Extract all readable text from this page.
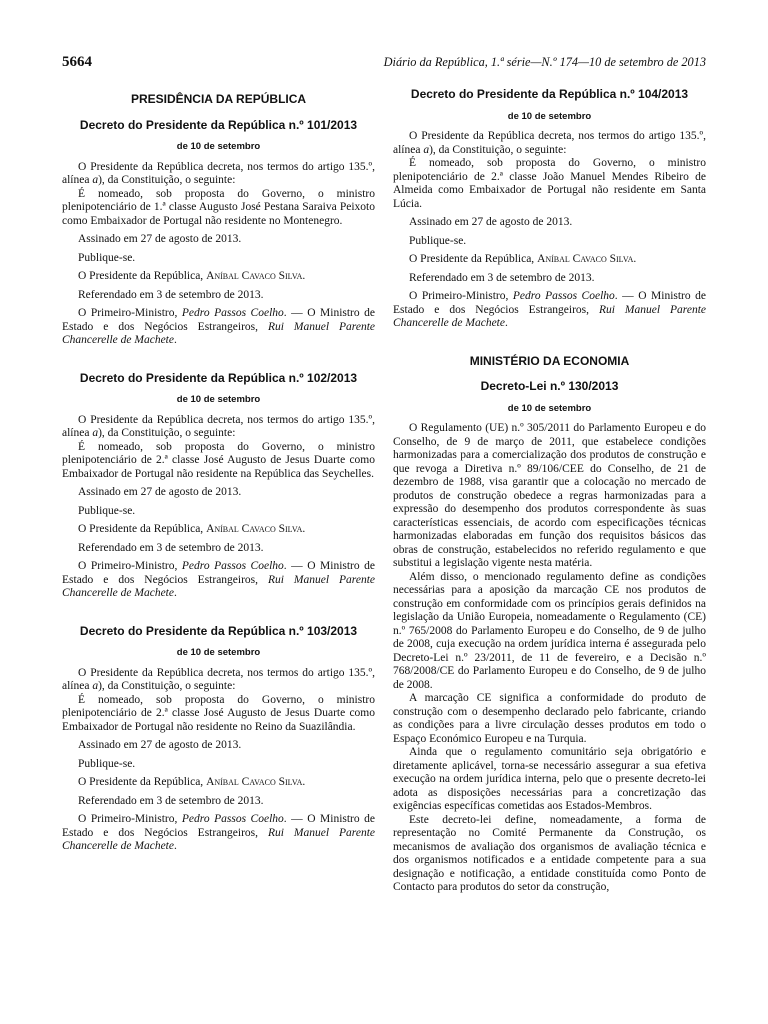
5664	Diário da República, 1.ª série—N.º 174—10 de setembro de 2013
PRESIDÊNCIA DA REPÚBLICA
Decreto do Presidente da República n.º 101/2013
de 10 de setembro

O Presidente da República decreta, nos termos do artigo 135.º, alínea a), da Constituição, o seguinte:

É nomeado, sob proposta do Governo, o ministro plenipotenciário de 1.ª classe Augusto José Pestana Saraiva Peixoto como Embaixador de Portugal não residente no Montenegro.

Assinado em 27 de agosto de 2013.

Publique-se.

O Presidente da República, Aníbal Cavaco Silva.

Referendado em 3 de setembro de 2013.

O Primeiro-Ministro, Pedro Passos Coelho. — O Ministro de Estado e dos Negócios Estrangeiros, Rui Manuel Parente Chancerelle de Machete.

Decreto do Presidente da República n.º 102/2013
de 10 de setembro

O Presidente da República decreta, nos termos do artigo 135.º, alínea a), da Constituição, o seguinte:

É nomeado, sob proposta do Governo, o ministro plenipotenciário de 2.ª classe José Augusto de Jesus Duarte como Embaixador de Portugal não residente na República das Seychelles.

Assinado em 27 de agosto de 2013.

Publique-se.

O Presidente da República, Aníbal Cavaco Silva.

Referendado em 3 de setembro de 2013.

O Primeiro-Ministro, Pedro Passos Coelho. — O Ministro de Estado e dos Negócios Estrangeiros, Rui Manuel Parente Chancerelle de Machete.

Decreto do Presidente da República n.º 103/2013
de 10 de setembro

O Presidente da República decreta, nos termos do artigo 135.º, alínea a), da Constituição, o seguinte:

É nomeado, sob proposta do Governo, o ministro plenipotenciário de 2.ª classe José Augusto de Jesus Duarte como Embaixador de Portugal não residente no Reino da Suazilândia.

Assinado em 27 de agosto de 2013.

Publique-se.

O Presidente da República, Aníbal Cavaco Silva.

Referendado em 3 de setembro de 2013.

O Primeiro-Ministro, Pedro Passos Coelho. — O Ministro de Estado e dos Negócios Estrangeiros, Rui Manuel Parente Chancerelle de Machete.

Decreto do Presidente da República n.º 104/2013
de 10 de setembro

O Presidente da República decreta, nos termos do artigo 135.º, alínea a), da Constituição, o seguinte:

É nomeado, sob proposta do Governo, o ministro plenipotenciário de 2.ª classe João Manuel Mendes Ribeiro de Almeida como Embaixador de Portugal não residente em Santa Lúcia.

Assinado em 27 de agosto de 2013.

Publique-se.

O Presidente da República, Aníbal Cavaco Silva.

Referendado em 3 de setembro de 2013.

O Primeiro-Ministro, Pedro Passos Coelho. — O Ministro de Estado e dos Negócios Estrangeiros, Rui Manuel Parente Chancerelle de Machete.

MINISTÉRIO DA ECONOMIA
Decreto-Lei n.º 130/2013
de 10 de setembro

O Regulamento (UE) n.º 305/2011 do Parlamento Europeu e do Conselho, de 9 de março de 2011, que estabelece condições harmonizadas para a comercialização dos produtos de construção e que revoga a Diretiva n.º 89/106/CEE do Conselho, de 21 de dezembro de 1988, visa garantir que a colocação no mercado de produtos de construção obedece a regras harmonizadas para a expressão do desempenho dos produtos correspondente às suas características essenciais, de acordo com especificações técnicas harmonizadas elaboradas em função dos requisitos básicos das obras de construção, estabelecidos no referido regulamento e que substitui a legislação vigente nesta matéria.

Além disso, o mencionado regulamento define as condições necessárias para a aposição da marcação CE nos produtos de construção em conformidade com os princípios gerais definidos na legislação da União Europeia, nomeadamente o Regulamento (CE) n.º 765/2008 do Parlamento Europeu e do Conselho, de 9 de julho de 2008, cuja execução na ordem jurídica interna é assegurada pelo Decreto-Lei n.º 23/2011, de 11 de fevereiro, e a Decisão n.º 768/2008/CE do Parlamento Europeu e do Conselho, de 9 de julho de 2008.

A marcação CE significa a conformidade do produto de construção com o desempenho declarado pelo fabricante, criando as condições para a livre circulação desses produtos em todo o Espaço Económico Europeu e na Turquia.

Ainda que o regulamento comunitário seja obrigatório e diretamente aplicável, torna-se necessário assegurar a sua efetiva execução na ordem jurídica interna, pelo que o presente decreto-lei adota as disposições necessárias para a concretização das exigências específicas cometidas aos Estados-Membros.

Este decreto-lei define, nomeadamente, a forma de representação no Comité Permanente da Construção, os mecanismos de avaliação dos organismos de avaliação técnica e dos organismos notificados e a entidade competente para a sua designação e notificação, a entidade constituída como Ponto de Contacto para produtos do setor da construção,
